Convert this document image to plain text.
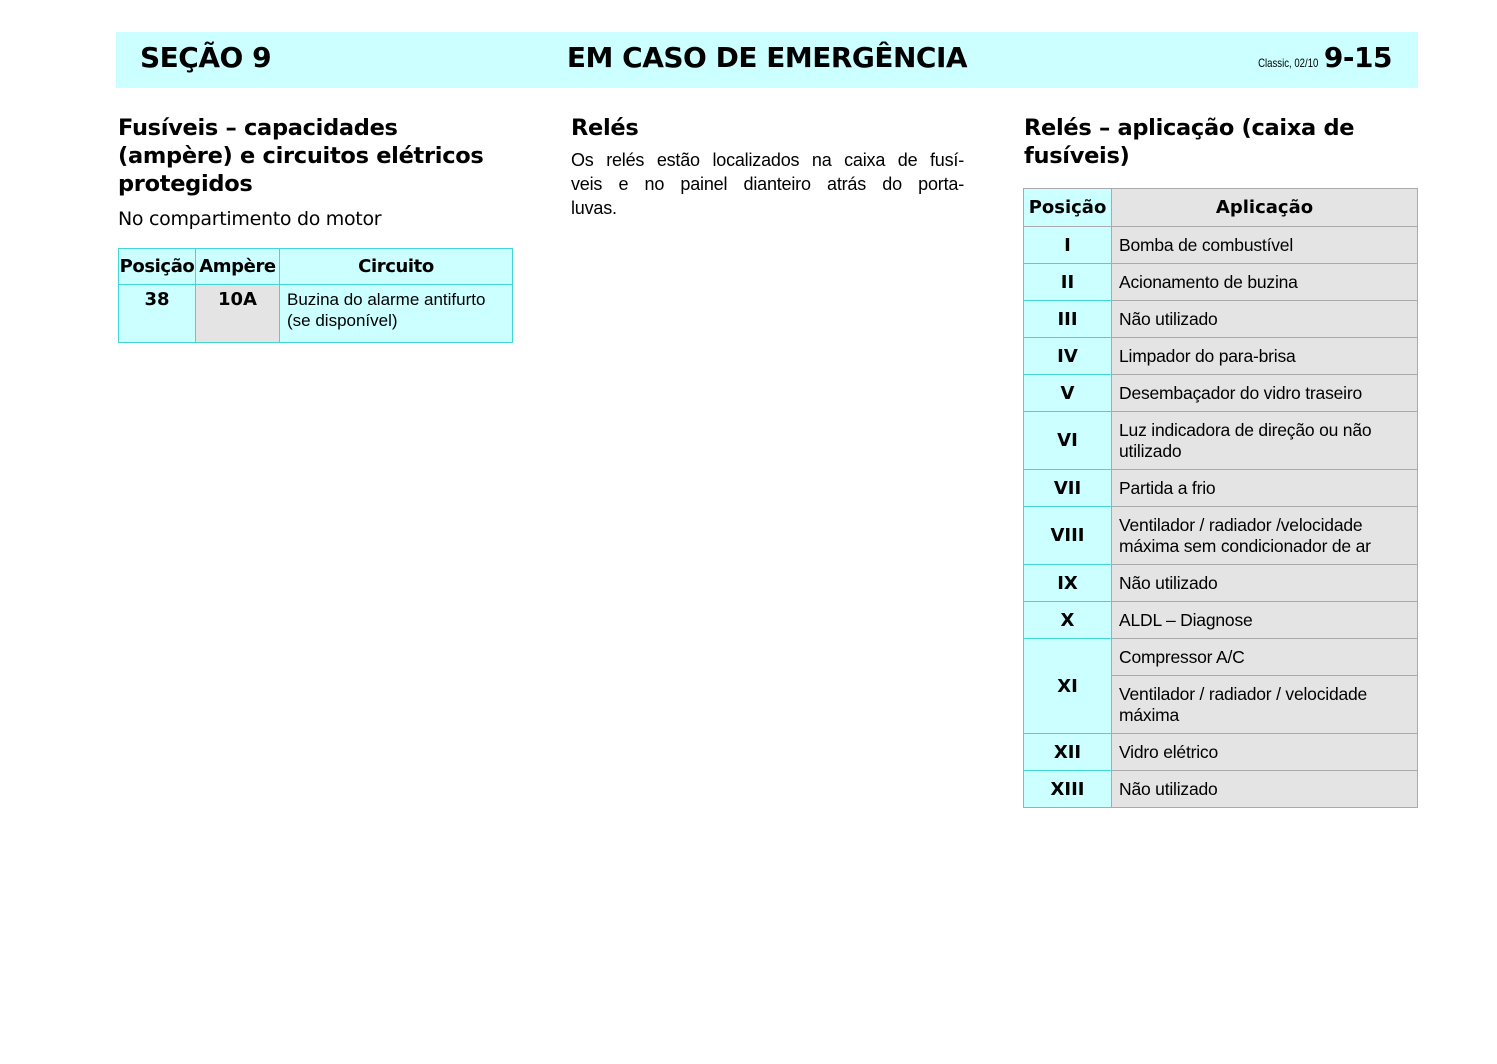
SEÇÃO 9	EM CASO DE EMERGÊNCIA	Classic, 02/10 9-15
Fusíveis – capacidades
(ampère) e circuitos elétricos
protegidos
No compartimento do motor
Posição	Ampère	Circuito
38	10A	Buzina do alarme antifurto
(se disponível)
Relés
Os relés estão localizados na caixa de fusí-
veis e no painel dianteiro atrás do porta-
luvas.
Relés – aplicação (caixa de
fusíveis)
Posição	Aplicação
I	Bomba de combustível
II	Acionamento de buzina
III	Não utilizado
IV	Limpador do para-brisa
V	Desembaçador do vidro traseiro
VI	Luz indicadora de direção ou não
utilizado

VII	Partida a frio
VIII	Ventilador / radiador /velocidade
máxima sem condicionador de ar

IX	Não utilizado
X	ALDL – Diagnose
XI	Compressor A/C

	Ventilador / radiador / velocidade
máxima

XII	Vidro elétrico
XIII	Não utilizado
